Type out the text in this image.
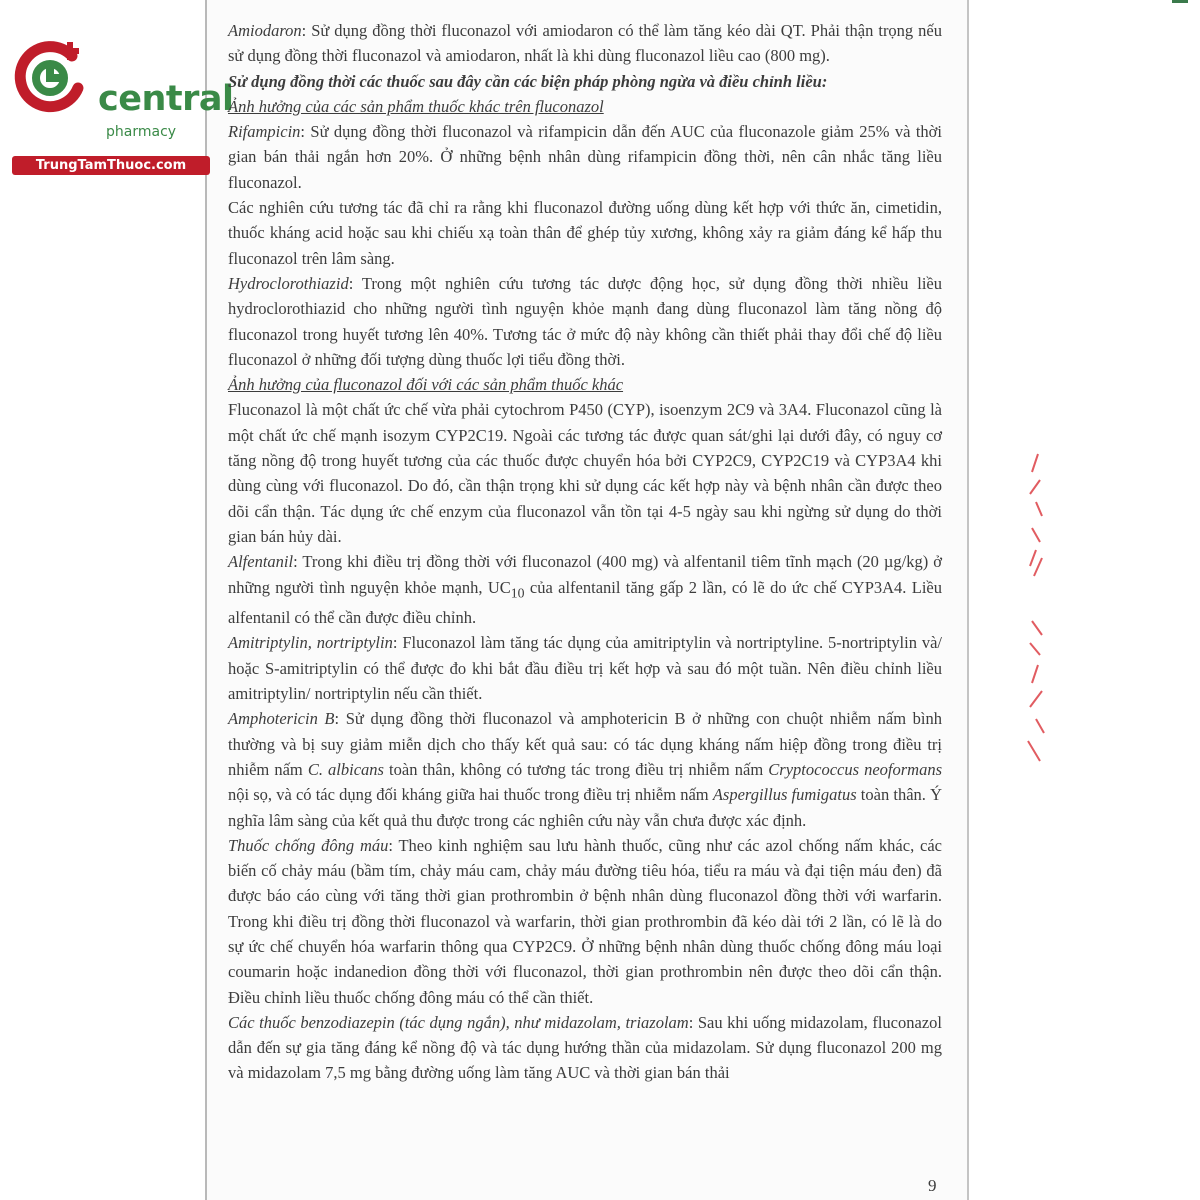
central
pharmacy
TrungTamThuoc.com

Amiodaron: Sử dụng đồng thời fluconazol với amiodaron có thể làm tăng kéo dài QT. Phải thận trọng nếu sử dụng đồng thời fluconazol và amiodaron, nhất là khi dùng fluconazol liều cao (800 mg).

Sử dụng đồng thời các thuốc sau đây cần các biện pháp phòng ngừa và điều chỉnh liều:

Ảnh hưởng của các sản phẩm thuốc khác trên fluconazol

Rifampicin: Sử dụng đồng thời fluconazol và rifampicin dẫn đến AUC của fluconazole giảm 25% và thời gian bán thải ngắn hơn 20%. Ở những bệnh nhân dùng rifampicin đồng thời, nên cân nhắc tăng liều fluconazol.

Các nghiên cứu tương tác đã chỉ ra rằng khi fluconazol đường uống dùng kết hợp với thức ăn, cimetidin, thuốc kháng acid hoặc sau khi chiếu xạ toàn thân để ghép tủy xương, không xảy ra giảm đáng kể hấp thu fluconazol trên lâm sàng.

Hydroclorothiazid: Trong một nghiên cứu tương tác dược động học, sử dụng đồng thời nhiều liều hydroclorothiazid cho những người tình nguyện khỏe mạnh đang dùng fluconazol làm tăng nồng độ fluconazol trong huyết tương lên 40%. Tương tác ở mức độ này không cần thiết phải thay đổi chế độ liều fluconazol ở những đối tượng dùng thuốc lợi tiểu đồng thời.

Ảnh hưởng của fluconazol đối với các sản phẩm thuốc khác

Fluconazol là một chất ức chế vừa phải cytochrom P450 (CYP), isoenzym 2C9 và 3A4. Fluconazol cũng là một chất ức chế mạnh isozym CYP2C19. Ngoài các tương tác được quan sát/ghi lại dưới đây, có nguy cơ tăng nồng độ trong huyết tương của các thuốc được chuyển hóa bởi CYP2C9, CYP2C19 và CYP3A4 khi dùng cùng với fluconazol. Do đó, cần thận trọng khi sử dụng các kết hợp này và bệnh nhân cần được theo dõi cẩn thận. Tác dụng ức chế enzym của fluconazol vẫn tồn tại 4-5 ngày sau khi ngừng sử dụng do thời gian bán hủy dài.

Alfentanil: Trong khi điều trị đồng thời với fluconazol (400 mg) và alfentanil tiêm tĩnh mạch (20 µg/kg) ở những người tình nguyện khỏe mạnh, $UC_{10}$ của alfentanil tăng gấp 2 lần, có lẽ do ức chế CYP3A4. Liều alfentanil có thể cần được điều chỉnh.

Amitriptylin, nortriptylin: Fluconazol làm tăng tác dụng của amitriptylin và nortriptyline. 5-nortriptylin và/ hoặc S-amitriptylin có thể được đo khi bắt đầu điều trị kết hợp và sau đó một tuần. Nên điều chỉnh liều amitriptylin/ nortriptylin nếu cần thiết.

Amphotericin B: Sử dụng đồng thời fluconazol và amphotericin B ở những con chuột nhiễm nấm bình thường và bị suy giảm miễn dịch cho thấy kết quả sau: có tác dụng kháng nấm hiệp đồng trong điều trị nhiễm nấm C. albicans toàn thân, không có tương tác trong điều trị nhiễm nấm Cryptococcus neoformans nội sọ, và có tác dụng đối kháng giữa hai thuốc trong điều trị nhiễm nấm Aspergillus fumigatus toàn thân. Ý nghĩa lâm sàng của kết quả thu được trong các nghiên cứu này vẫn chưa được xác định.

Thuốc chống đông máu: Theo kinh nghiệm sau lưu hành thuốc, cũng như các azol chống nấm khác, các biến cố chảy máu (bầm tím, chảy máu cam, chảy máu đường tiêu hóa, tiểu ra máu và đại tiện máu đen) đã được báo cáo cùng với tăng thời gian prothrombin ở bệnh nhân dùng fluconazol đồng thời với warfarin. Trong khi điều trị đồng thời fluconazol và warfarin, thời gian prothrombin đã kéo dài tới 2 lần, có lẽ là do sự ức chế chuyển hóa warfarin thông qua CYP2C9. Ở những bệnh nhân dùng thuốc chống đông máu loại coumarin hoặc indanedion đồng thời với fluconazol, thời gian prothrombin nên được theo dõi cẩn thận. Điều chỉnh liều thuốc chống đông máu có thể cần thiết.

Các thuốc benzodiazepin (tác dụng ngắn), như midazolam, triazolam: Sau khi uống midazolam, fluconazol dẫn đến sự gia tăng đáng kể nồng độ và tác dụng hướng thần của midazolam. Sử dụng fluconazol 200 mg và midazolam 7,5 mg bằng đường uống làm tăng AUC và thời gian bán thải

9
